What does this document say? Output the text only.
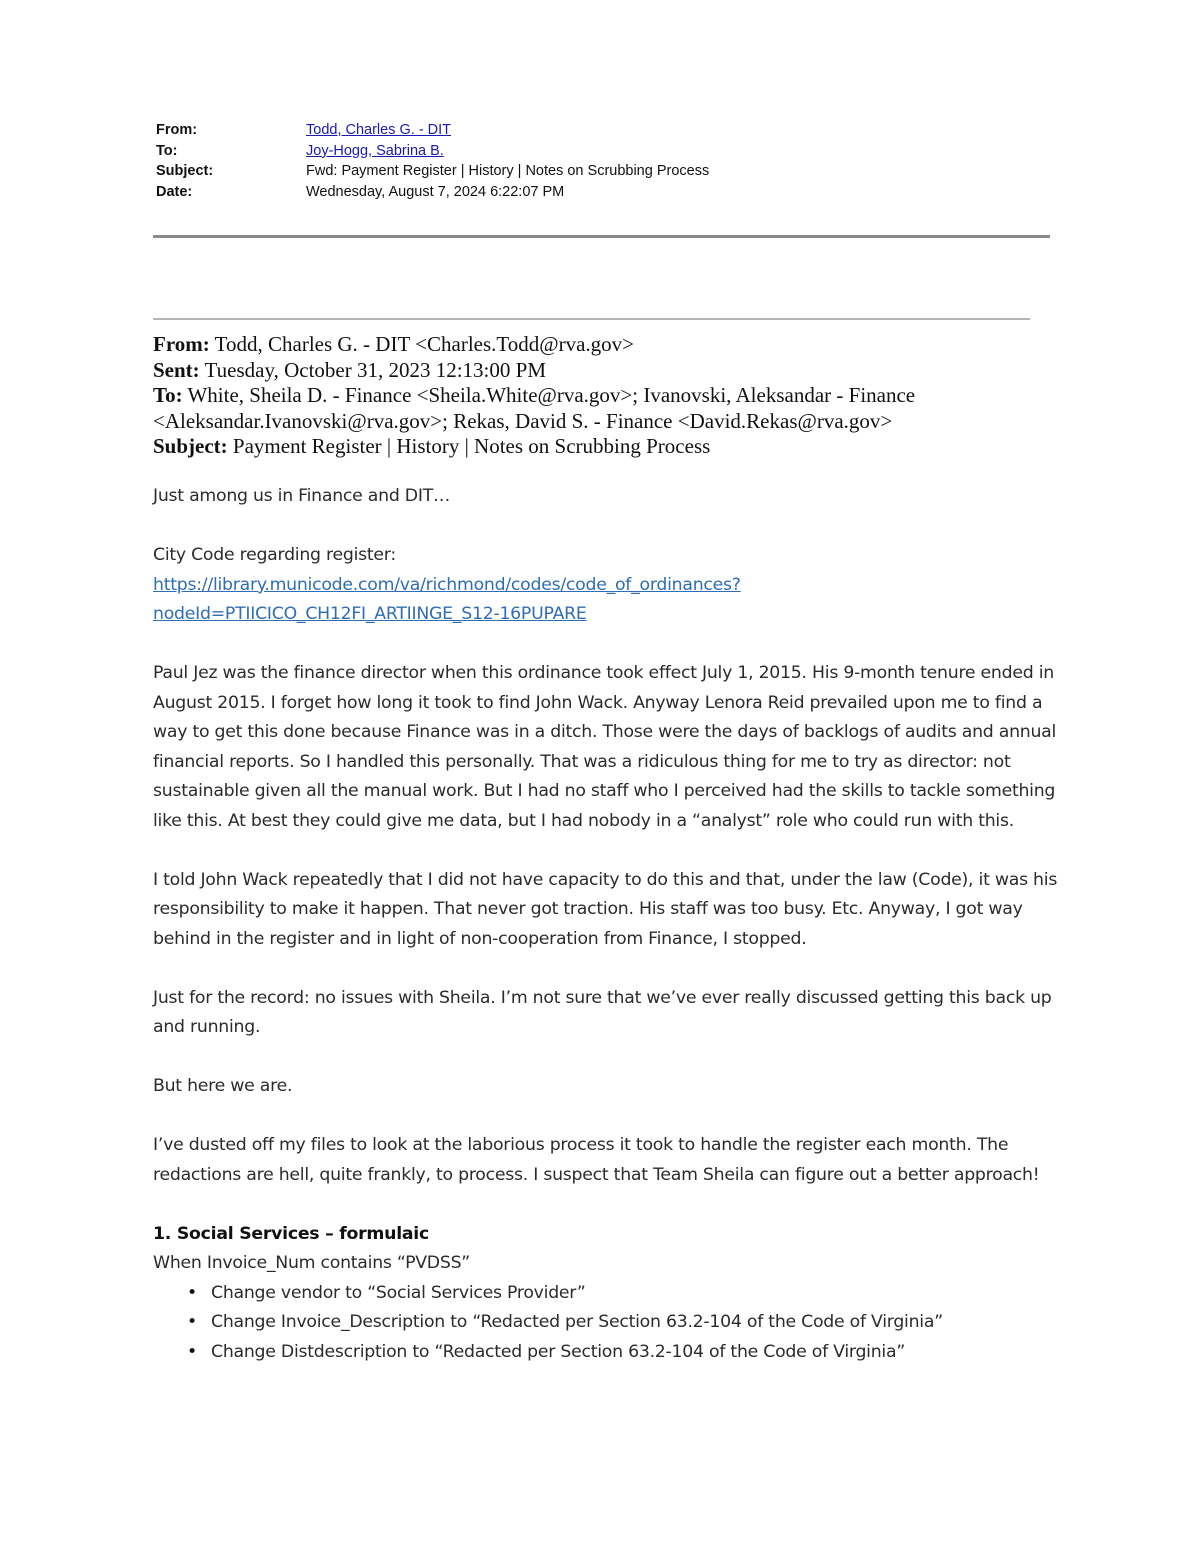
From:	Todd, Charles G. - DIT
To:	Joy-Hogg, Sabrina B.
Subject:	Fwd: Payment Register | History | Notes on Scrubbing Process
Date:	Wednesday, August 7, 2024 6:22:07 PM
From: Todd, Charles G. - DIT <Charles.Todd@rva.gov>
Sent: Tuesday, October 31, 2023 12:13:00 PM
To: White, Sheila D. - Finance <Sheila.White@rva.gov>; Ivanovski, Aleksandar - Finance <Aleksandar.Ivanovski@rva.gov>; Rekas, David S. - Finance <David.Rekas@rva.gov>
Subject: Payment Register | History | Notes on Scrubbing Process

Just among us in Finance and DIT…

City Code regarding register:
https://library.municode.com/va/richmond/codes/code_of_ordinances?
nodeId=PTIICICO_CH12FI_ARTIINGE_S12-16PUPARE

Paul Jez was the finance director when this ordinance took effect July 1, 2015. His 9-month tenure ended in August 2015. I forget how long it took to find John Wack. Anyway Lenora Reid prevailed upon me to find a way to get this done because Finance was in a ditch. Those were the days of backlogs of audits and annual financial reports. So I handled this personally. That was a ridiculous thing for me to try as director: not sustainable given all the manual work. But I had no staff who I perceived had the skills to tackle something like this. At best they could give me data, but I had nobody in a “analyst” role who could run with this.

I told John Wack repeatedly that I did not have capacity to do this and that, under the law (Code), it was his responsibility to make it happen. That never got traction. His staff was too busy. Etc. Anyway, I got way behind in the register and in light of non-cooperation from Finance, I stopped.

Just for the record: no issues with Sheila. I’m not sure that we’ve ever really discussed getting this back up and running.

But here we are.

I’ve dusted off my files to look at the laborious process it took to handle the register each month. The redactions are hell, quite frankly, to process. I suspect that Team Sheila can figure out a better approach!

1. Social Services – formulaic
When Invoice_Num contains “PVDSS”
• Change vendor to “Social Services Provider”
• Change Invoice_Description to “Redacted per Section 63.2-104 of the Code of Virginia”
• Change Distdescription to “Redacted per Section 63.2-104 of the Code of Virginia”
